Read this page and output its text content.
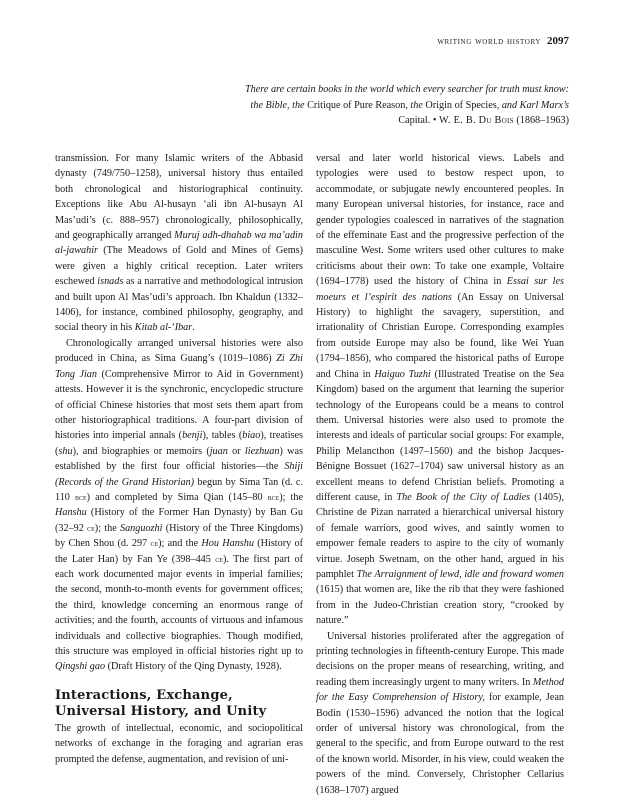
writing world history 2097
There are certain books in the world which every searcher for truth must know: the Bible, the Critique of Pure Reason, the Origin of Species, and Karl Marx’s Capital. • W. E. B. Du Bois (1868–1963)

transmission. For many Islamic writers of the Abbasid dynasty (749/750–1258), universal history thus entailed both chronological and historiographical continuity. Exceptions like Abu Al-husayn ‘ali ibn Al-husayn Al Mas’udi’s (c. 888–957) chronologically, philosophically, and geographically arranged Muruj adh-dhahab wa ma’adin al-jawahir (The Meadows of Gold and Mines of Gems) were given a highly critical reception. Later writers eschewed isnads as a narrative and methodological intrusion and built upon Al Mas’udi’s approach. Ibn Khaldun (1332–1406), for instance, combined philosophy, geography, and social theory in his Kitab al-‘Ibar.

Chronologically arranged universal histories were also produced in China, as Sima Guang’s (1019–1086) Zi Zhi Tong Jian (Comprehensive Mirror to Aid in Government) attests. However it is the synchronic, encyclopedic structure of official Chinese histories that most sets them apart from other historiographical traditions. A four-part division of histories into imperial annals (benji), tables (biao), treatises (shu), and biographies or memoirs (juan or liezhuan) was established by the first four official histories—the Shiji (Records of the Grand Historian) begun by Sima Tan (d. c. 110 bce) and completed by Sima Qian (145–80 bce); the Hanshu (History of the Former Han Dynasty) by Ban Gu (32–92 ce); the Sanguozhi (History of the Three Kingdoms) by Chen Shou (d. 297 ce); and the Hou Hanshu (History of the Later Han) by Fan Ye (398–445 ce). The first part of each work documented major events in imperial families; the second, month-to-month events for government offices; the third, knowledge concerning an enormous range of activities; and the fourth, accounts of virtuous and infamous individuals and collective biographies. Though modified, this structure was employed in official histories right up to Qingshi gao (Draft History of the Qing Dynasty, 1928).

Interactions, Exchange, Universal History, and Unity

The growth of intellectual, economic, and sociopolitical networks of exchange in the foraging and agrarian eras prompted the defense, augmentation, and revision of uni-

versal and later world historical views. Labels and typologies were used to bestow respect upon, to accommodate, or subjugate newly encountered peoples. In many European universal histories, for instance, race and gender typologies coalesced in narratives of the stagnation of the effeminate East and the progressive perfection of the masculine West. Some writers used other cultures to make criticisms about their own: To take one example, Voltaire (1694–1778) used the history of China in Essai sur les moeurs et l’espirit des nations (An Essay on Universal History) to highlight the savagery, superstition, and irrationality of Christian Europe. Corresponding examples from outside Europe may also be found, like Wei Yuan (1794–1856), who compared the historical paths of Europe and China in Haiguo Tuzhi (Illustrated Treatise on the Sea Kingdom) based on the argument that learning the superior technology of the Europeans could be a means to control them. Universal histories were also used to promote the interests and ideals of particular social groups: For example, Philip Melancthon (1497–1560) and the bishop Jacques-Bénigne Bossuet (1627–1704) saw universal history as an excellent means to defend Christian beliefs. Promoting a different cause, in The Book of the City of Ladies (1405), Christine de Pizan narrated a hierarchical universal history of female warriors, good wives, and saintly women to empower female readers to aspire to the city of womanly virtue. Joseph Swetnam, on the other hand, argued in his pamphlet The Arraignment of lewd, idle and froward women (1615) that women are, like the rib that they were fashioned from in the Judeo-Christian creation story, “crooked by nature.”

Universal histories proliferated after the aggregation of printing technologies in fifteenth-century Europe. This made decisions on the proper means of researching, writing, and reading them increasingly urgent to many writers. In Method for the Easy Comprehension of History, for example, Jean Bodin (1530–1596) advanced the notion that the logical order of universal history was chronological, from the general to the specific, and from Europe outward to the rest of the known world. Misorder, in his view, could weaken the powers of the mind. Conversely, Christopher Cellarius (1638–1707) argued
